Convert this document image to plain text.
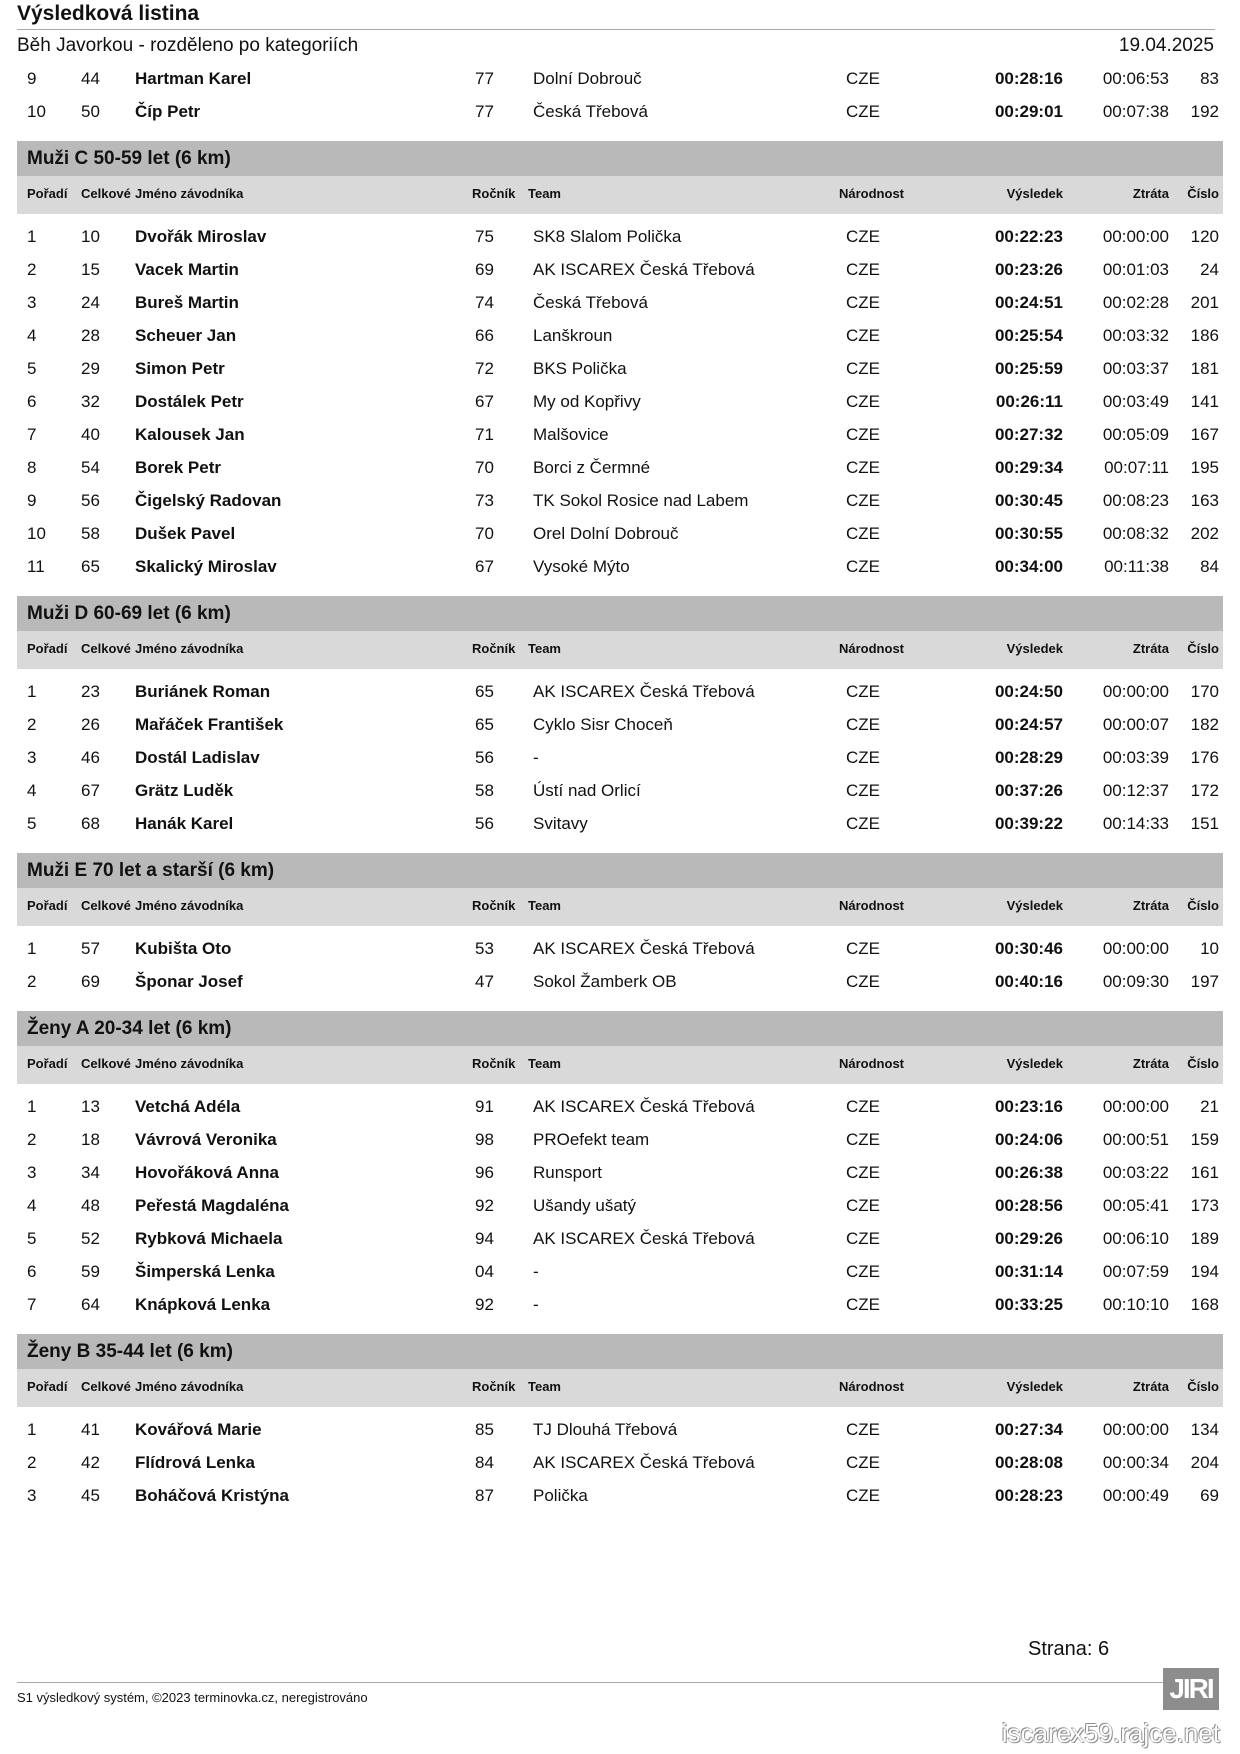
Výsledková listina
Běh Javorkou - rozděleno po kategoriích	19.04.2025
9	44 Hartman Karel	77 Dolní Dobrouč	CZE	00:28:16	00:06:53	83
10 50 Číp Petr	77 Česká Třebová	CZE	00:29:01	00:07:38	192
Muži C 50-59 let (6 km)
Pořadí Celkové Jméno závodníka	Ročník Team	Národnost	Výsledek	Ztráta	Číslo
1	10 Dvořák Miroslav	75 SK8 Slalom Polička	CZE	00:22:23	00:00:00	120
2	15 Vacek Martin	69 AK ISCAREX Česká Třebová	CZE	00:23:26	00:01:03	24
3	24 Bureš Martin	74 Česká Třebová	CZE	00:24:51	00:02:28	201
4	28 Scheuer Jan	66 Lanškroun	CZE	00:25:54	00:03:32	186
5	29 Simon Petr	72 BKS Polička	CZE	00:25:59	00:03:37	181
6	32 Dostálek Petr	67 My od Kopřivy	CZE	00:26:11	00:03:49	141
7	40 Kalousek Jan	71 Malšovice	CZE	00:27:32	00:05:09	167
8	54 Borek Petr	70 Borci z Čermné	CZE	00:29:34	00:07:11	195
9	56 Čigelský Radovan	73 TK Sokol Rosice nad Labem	CZE	00:30:45	00:08:23	163
10 58 Dušek Pavel	70 Orel Dolní Dobrouč	CZE	00:30:55	00:08:32	202
11 65 Skalický Miroslav	67 Vysoké Mýto	CZE	00:34:00	00:11:38	84
Muži D 60-69 let (6 km)
Pořadí Celkové Jméno závodníka	Ročník Team	Národnost	Výsledek	Ztráta	Číslo
1	23 Buriánek Roman	65 AK ISCAREX Česká Třebová	CZE	00:24:50	00:00:00	170
2	26 Mařáček František	65 Cyklo Sisr Choceň	CZE	00:24:57	00:00:07	182
3	46 Dostál Ladislav	56 -	CZE	00:28:29	00:03:39	176
4	67 Grätz Luděk	58 Ústí nad Orlicí	CZE	00:37:26	00:12:37	172
5	68 Hanák Karel	56 Svitavy	CZE	00:39:22	00:14:33	151
Muži E 70 let a starší (6 km)
Pořadí Celkové Jméno závodníka	Ročník Team	Národnost	Výsledek	Ztráta	Číslo
1	57 Kubišta Oto	53 AK ISCAREX Česká Třebová	CZE	00:30:46	00:00:00	10
2	69 Šponar Josef	47 Sokol Žamberk OB	CZE	00:40:16	00:09:30	197
Ženy A 20-34 let (6 km)
Pořadí Celkové Jméno závodníka	Ročník Team	Národnost	Výsledek	Ztráta	Číslo
1	13 Vetchá Adéla	91 AK ISCAREX Česká Třebová	CZE	00:23:16	00:00:00	21
2	18 Vávrová Veronika	98 PROefekt team	CZE	00:24:06	00:00:51	159
3	34 Hovořáková Anna	96 Runsport	CZE	00:26:38	00:03:22	161
4	48 Peřestá Magdaléna	92 Ušandy ušatý	CZE	00:28:56	00:05:41	173
5	52 Rybková Michaela	94 AK ISCAREX Česká Třebová	CZE	00:29:26	00:06:10	189
6	59 Šimperská Lenka	04 -	CZE	00:31:14	00:07:59	194
7	64 Knápková Lenka	92 -	CZE	00:33:25	00:10:10	168
Ženy B 35-44 let (6 km)
Pořadí Celkové Jméno závodníka	Ročník Team	Národnost	Výsledek	Ztráta	Číslo
1	41 Kovářová Marie	85 TJ Dlouhá Třebová	CZE	00:27:34	00:00:00	134
2	42 Flídrová Lenka	84 AK ISCAREX Česká Třebová	CZE	00:28:08	00:00:34	204
3	45 Boháčová Kristýna	87 Polička	CZE	00:28:23	00:00:49	69
Strana: 6
S1 výsledkový systém, ©2023 terminovka.cz, neregistrováno	JIRI
iscarex59.rajce.net
